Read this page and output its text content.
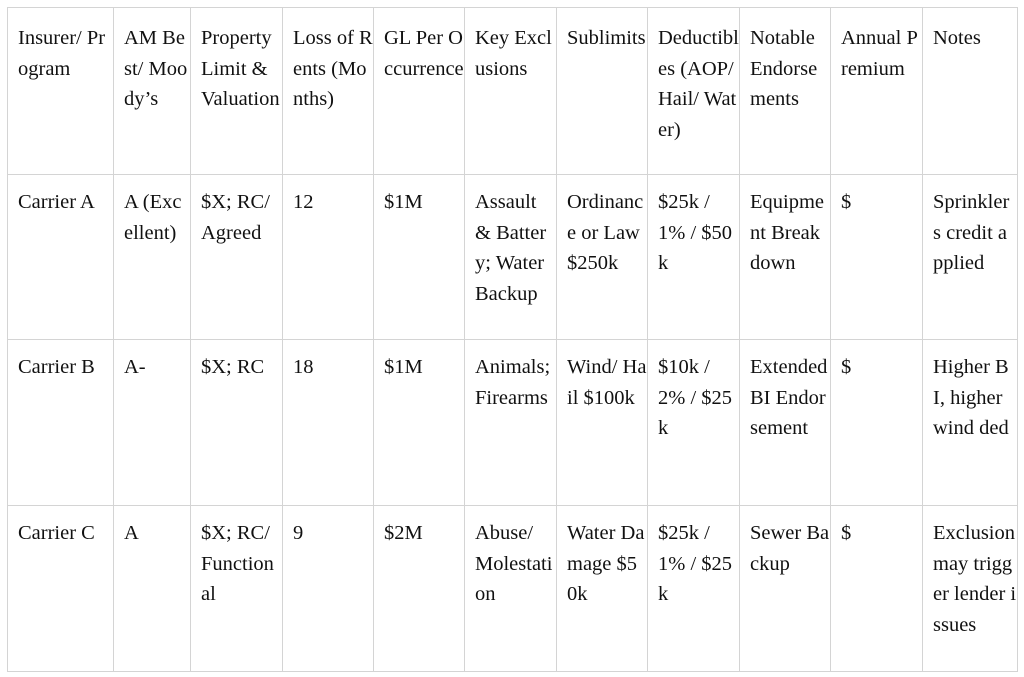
Insurer/ Program	AM Best/ Moody’s	Property Limit & Valuation	Loss of Rents (Months)	GL Per Occurrence	Key Exclusions	Sublimits	Deductibles (AOP/ Hail/ Water)	Notable Endorsements	Annual Premium	Notes
Carrier A	A (Excellent)	$X; RC/ Agreed	12	$1M	Assault & Battery; Water Backup	Ordinance or Law $250k	$25k / 1% / $50k	Equipment Breakdown	$	Sprinklers credit applied
Carrier B	A-	$X; RC	18	$1M	Animals; Firearms	Wind/ Hail $100k	$10k / 2% / $25k	Extended BI Endorsement	$	Higher BI, higher wind ded
Carrier C	A	$X; RC/ Functional	9	$2M	Abuse/ Molestation	Water Damage $50k	$25k / 1% / $25k	Sewer Backup	$	Exclusion may trigger lender issues
